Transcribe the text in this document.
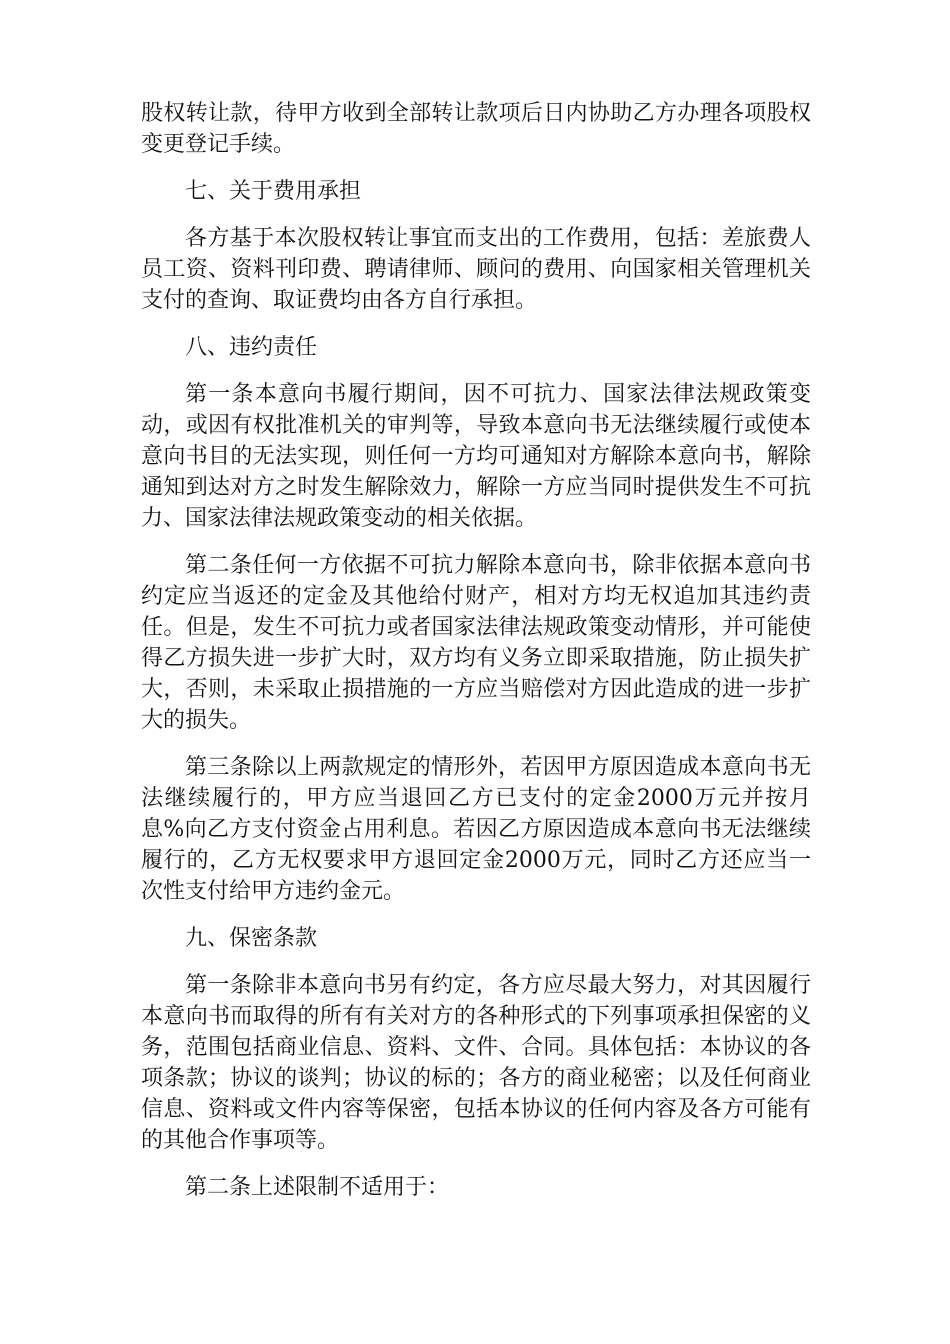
股权转让款，待甲方收到全部转让款项后日内协助乙方办理各项股权变更登记手续。

七、关于费用承担

各方基于本次股权转让事宜而支出的工作费用，包括：差旅费人员工资、资料刊印费、聘请律师、顾问的费用、向国家相关管理机关支付的查询、取证费均由各方自行承担。

八、违约责任

第一条本意向书履行期间，因不可抗力、国家法律法规政策变动，或因有权批准机关的审判等，导致本意向书无法继续履行或使本意向书目的无法实现，则任何一方均可通知对方解除本意向书，解除通知到达对方之时发生解除效力，解除一方应当同时提供发生不可抗力、国家法律法规政策变动的相关依据。

第二条任何一方依据不可抗力解除本意向书，除非依据本意向书约定应当返还的定金及其他给付财产，相对方均无权追加其违约责任。但是，发生不可抗力或者国家法律法规政策变动情形，并可能使得乙方损失进一步扩大时，双方均有义务立即采取措施，防止损失扩大，否则，未采取止损措施的一方应当赔偿对方因此造成的进一步扩大的损失。

第三条除以上两款规定的情形外，若因甲方原因造成本意向书无法继续履行的，甲方应当退回乙方已支付的定金2000万元并按月息%向乙方支付资金占用利息。若因乙方原因造成本意向书无法继续履行的，乙方无权要求甲方退回定金2000万元，同时乙方还应当一次性支付给甲方违约金元。

九、保密条款

第一条除非本意向书另有约定，各方应尽最大努力，对其因履行本意向书而取得的所有有关对方的各种形式的下列事项承担保密的义务，范围包括商业信息、资料、文件、合同。具体包括：本协议的各项条款；协议的谈判；协议的标的；各方的商业秘密；以及任何商业信息、资料或文件内容等保密，包括本协议的任何内容及各方可能有的其他合作事项等。

第二条上述限制不适用于：
